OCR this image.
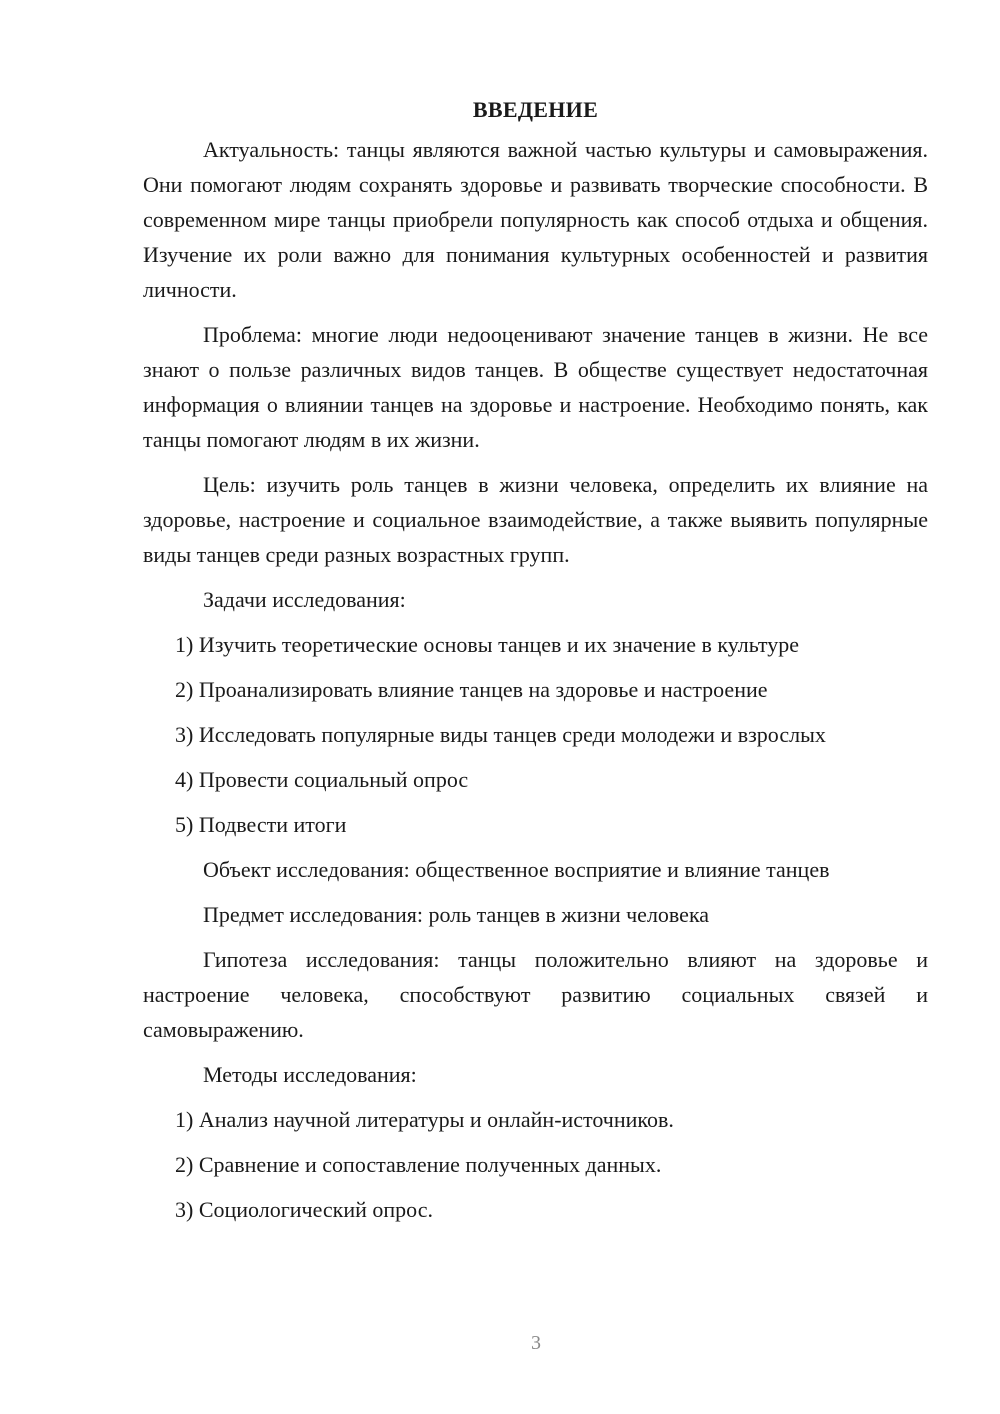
ВВЕДЕНИЕ

Актуальность: танцы являются важной частью культуры и самовыражения. Они помогают людям сохранять здоровье и развивать творческие способности. В современном мире танцы приобрели популярность как способ отдыха и общения. Изучение их роли важно для понимания культурных особенностей и развития личности.

Проблема: многие люди недооценивают значение танцев в жизни. Не все знают о пользе различных видов танцев. В обществе существует недостаточная информация о влиянии танцев на здоровье и настроение. Необходимо понять, как танцы помогают людям в их жизни.

Цель: изучить роль танцев в жизни человека, определить их влияние на здоровье, настроение и социальное взаимодействие, а также выявить популярные виды танцев среди разных возрастных групп.

Задачи исследования:

1) Изучить теоретические основы танцев и их значение в культуре
2) Проанализировать влияние танцев на здоровье и настроение
3) Исследовать популярные виды танцев среди молодежи и взрослых
4) Провести социальный опрос
5) Подвести итоги

Объект исследования: общественное восприятие и влияние танцев

Предмет исследования: роль танцев в жизни человека

Гипотеза исследования: танцы положительно влияют на здоровье и настроение человека, способствуют развитию социальных связей и самовыражению.

Методы исследования:

1) Анализ научной литературы и онлайн-источников.
2) Сравнение и сопоставление полученных данных.
3) Социологический опрос.
3
